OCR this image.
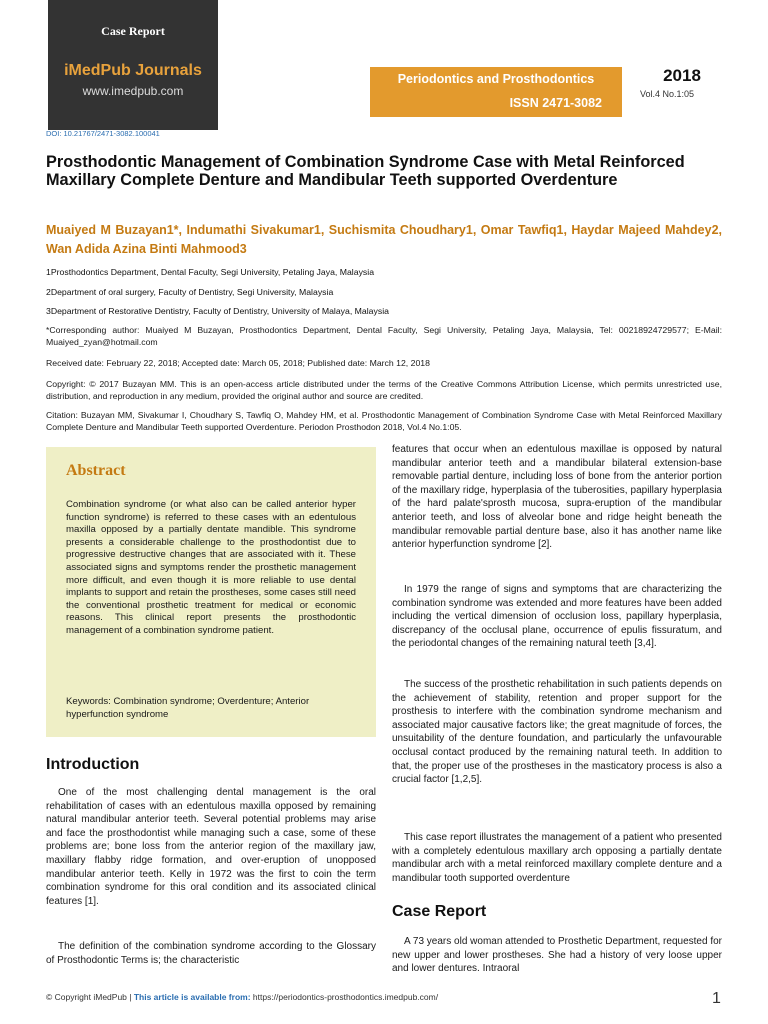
Case Report
iMedPub Journals
www.imedpub.com
Periodontics and Prosthodontics
ISSN 2471-3082
2018
Vol.4 No.1:05
DOI: 10.21767/2471-3082.100041
Prosthodontic Management of Combination Syndrome Case with Metal Reinforced Maxillary Complete Denture and Mandibular Teeth supported Overdenture
Muaiyed M Buzayan1*, Indumathi Sivakumar1, Suchismita Choudhary1, Omar Tawfiq1, Haydar Majeed Mahdey2, Wan Adida Azina Binti Mahmood3
1Prosthodontics Department, Dental Faculty, Segi University, Petaling Jaya, Malaysia
2Department of oral surgery, Faculty of Dentistry, Segi University, Malaysia
3Department of Restorative Dentistry, Faculty of Dentistry, University of Malaya, Malaysia
*Corresponding author: Muaiyed M Buzayan, Prosthodontics Department, Dental Faculty, Segi University, Petaling Jaya, Malaysia, Tel: 00218924729577; E-Mail: Muaiyed_zyan@hotmail.com
Received date: February 22, 2018; Accepted date: March 05, 2018; Published date: March 12, 2018
Copyright: © 2017 Buzayan MM. This is an open-access article distributed under the terms of the Creative Commons Attribution License, which permits unrestricted use, distribution, and reproduction in any medium, provided the original author and source are credited.
Citation: Buzayan MM, Sivakumar I, Choudhary S, Tawfiq O, Mahdey HM, et al. Prosthodontic Management of Combination Syndrome Case with Metal Reinforced Maxillary Complete Denture and Mandibular Teeth supported Overdenture. Periodon Prosthodon 2018, Vol.4 No.1:05.
Abstract
Combination syndrome (or what also can be called anterior hyper function syndrome) is referred to these cases with an edentulous maxilla opposed by a partially dentate mandible. This syndrome presents a considerable challenge to the prosthodontist due to progressive destructive changes that are associated with it. These associated signs and symptoms render the prosthetic management more difficult, and even though it is more reliable to use dental implants to support and retain the prostheses, some cases still need the conventional prosthetic treatment for medical or economic reasons. This clinical report presents the prosthodontic management of a combination syndrome patient.
Keywords: Combination syndrome; Overdenture; Anterior hyperfunction syndrome
Introduction
One of the most challenging dental management is the oral rehabilitation of cases with an edentulous maxilla opposed by remaining natural mandibular anterior teeth. Several potential problems may arise and face the prosthodontist while managing such a case, some of these problems are; bone loss from the anterior region of the maxillary jaw, maxillary flabby ridge formation, and over-eruption of unopposed mandibular anterior teeth. Kelly in 1972 was the first to coin the term combination syndrome for this oral condition and its associated clinical features [1].
The definition of the combination syndrome according to the Glossary of Prosthodontic Terms is; the characteristic
features that occur when an edentulous maxillae is opposed by natural mandibular anterior teeth and a mandibular bilateral extension-base removable partial denture, including loss of bone from the anterior portion of the maxillary ridge, hyperplasia of the tuberosities, papillary hyperplasia of the hard palate'sprosth mucosa, supra-eruption of the mandibular anterior teeth, and loss of alveolar bone and ridge height beneath the mandibular removable partial denture base, also it has another name like anterior hyperfunction syndrome [2].
In 1979 the range of signs and symptoms that are characterizing the combination syndrome was extended and more features have been added including the vertical dimension of occlusion loss, papillary hyperplasia, discrepancy of the occlusal plane, occurrence of epulis fissuratum, and the periodontal changes of the remaining natural teeth [3,4].
The success of the prosthetic rehabilitation in such patients depends on the achievement of stability, retention and proper support for the prosthesis to interfere with the combination syndrome mechanism and associated major causative factors like; the great magnitude of forces, the unsuitability of the denture foundation, and particularly the unfavourable occlusal contact produced by the remaining natural teeth. In addition to that, the proper use of the prostheses in the masticatory process is also a crucial factor [1,2,5].
This case report illustrates the management of a patient who presented with a completely edentulous maxillary arch opposing a partially dentate mandibular arch with a metal reinforced maxillary complete denture and a mandibular tooth supported overdenture
Case Report
A 73 years old woman attended to Prosthetic Department, requested for new upper and lower prostheses. She had a history of very loose upper and lower dentures. Intraoral
© Copyright iMedPub | This article is available from: https://periodontics-prosthodontics.imedpub.com/	1
